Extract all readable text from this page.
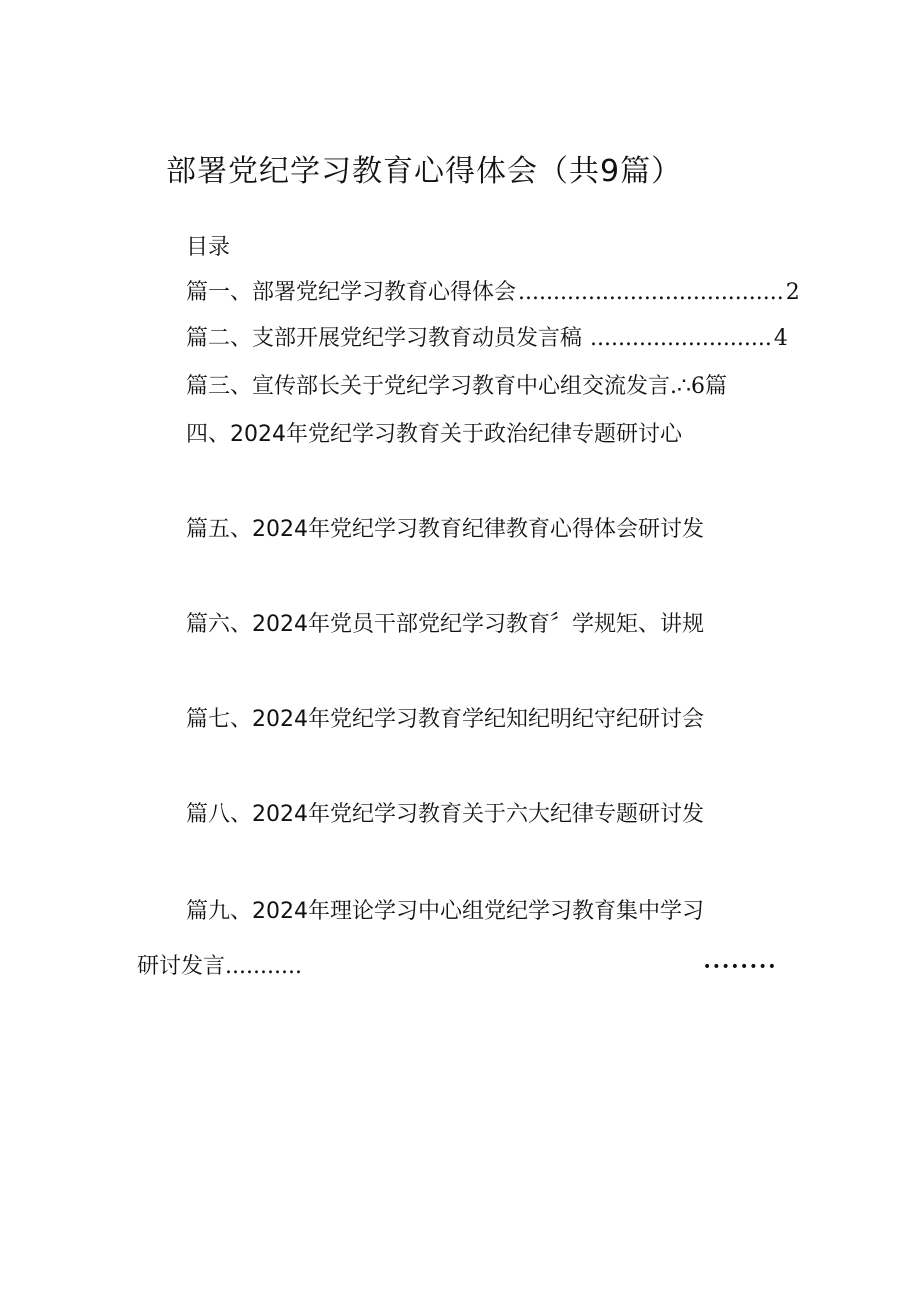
部署党纪学习教育心得体会（共9篇）
目录
篇一、部署党纪学习教育心得体会 ...................................... 2
篇二、支部开展党纪学习教育动员发言稿 .......................... 4
篇三、宣传部长关于党纪学习教育中心组交流发言.∴6篇
四、2024年党纪学习教育关于政治纪律专题研讨心
篇五、2024年党纪学习教育纪律教育心得体会研讨发
篇六、2024年党员干部党纪学习教育〞学规矩、讲规
篇七、2024年党纪学习教育学纪知纪明纪守纪研讨会
篇八、2024年党纪学习教育关于六大纪律专题研讨发
篇九、2024年理论学习中心组党纪学习教育集中学习
研讨发言...........	••••••••
